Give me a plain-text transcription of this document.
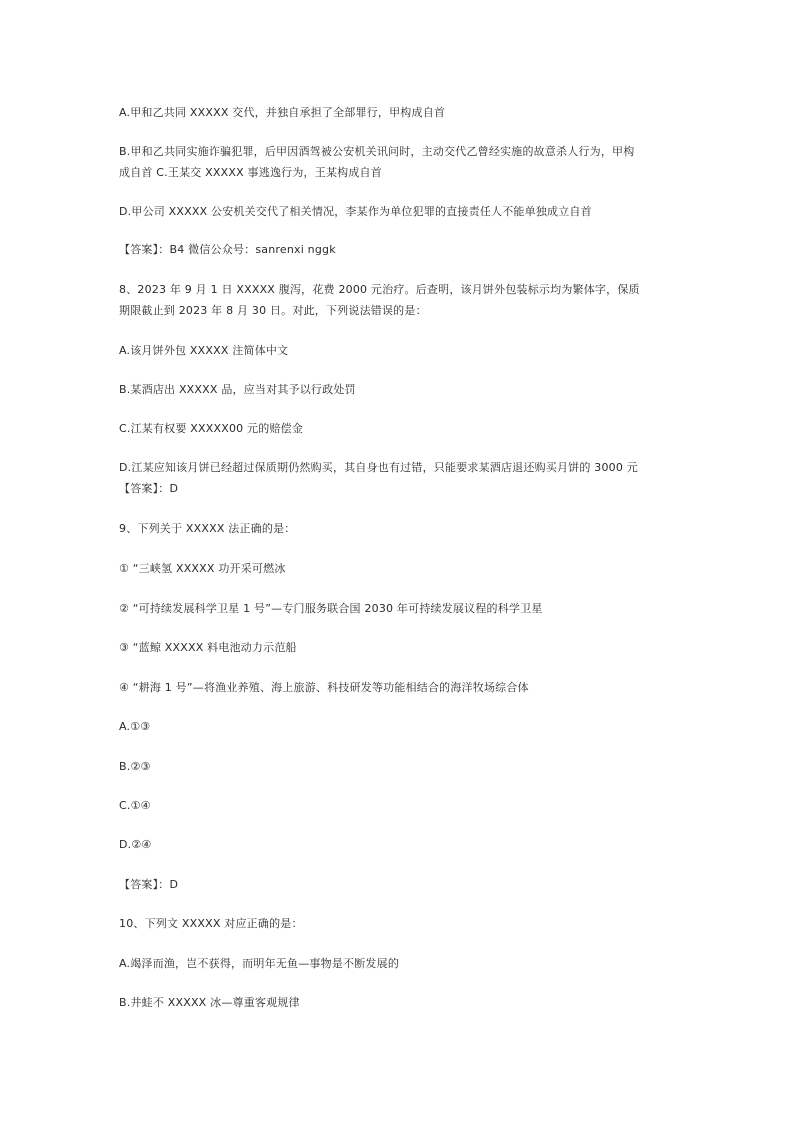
A.甲和乙共同 XXXXX 交代，并独自承担了全部罪行，甲构成自首
B.甲和乙共同实施诈骗犯罪，后甲因酒驾被公安机关讯问时，主动交代乙曾经实施的故意杀人行为，甲构
成自首 C.王某交 XXXXX 事逃逸行为，王某构成自首
D.甲公司 XXXXX 公安机关交代了相关情况，李某作为单位犯罪的直接责任人不能单独成立自首
【答案】：B4 微信公众号：sanrenxi nggk
8、2023 年 9 月 1 日 XXXXX 腹泻，花费 2000 元治疗。后查明，该月饼外包装标示均为繁体字，保质
期限截止到 2023 年 8 月 30 日。对此，下列说法错误的是：
A.该月饼外包 XXXXX 注简体中文
B.某酒店出 XXXXX 品，应当对其予以行政处罚
C.江某有权要 XXXXX00 元的赔偿金
D.江某应知该月饼已经超过保质期仍然购买，其自身也有过错，只能要求某酒店退还购买月饼的 3000 元
【答案】：D
9、下列关于 XXXXX 法正确的是：
① “三峡氢 XXXXX 功开采可燃冰
② “可持续发展科学卫星 1 号”—专门服务联合国 2030 年可持续发展议程的科学卫星
③ “蓝鲸 XXXXX 料电池动力示范船
④ “耕海 1 号”—将渔业养殖、海上旅游、科技研发等功能相结合的海洋牧场综合体
A.①③
B.②③
C.①④
D.②④
【答案】：D
10、下列文 XXXXX 对应正确的是：
A.竭泽而渔，岂不获得，而明年无鱼—事物是不断发展的
B.井蛙不 XXXXX 冰—尊重客观规律
